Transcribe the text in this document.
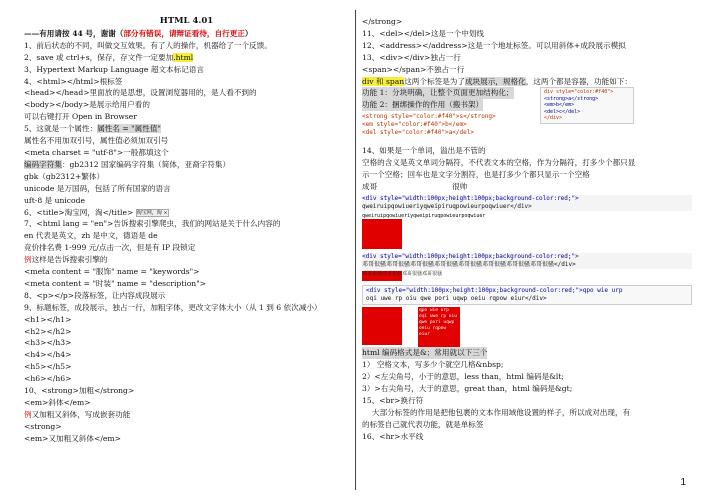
HTML 4.01
——有用请按 44 号，谢谢（部分有错误，请辩证看待，自行更正）
1、前后状态的不同，叫做交互效果。有了人的操作，机器给了一个反馈。
2、save 或 ctrl+s，保存，存文件一定要加.html
3、Hypertext Markup Language 超文本标记语言
4、<html></html>根标签
<head></head>里面放的是思想，设置浏览器用的，是人看不到的
<body></body>是展示给用户看的
可以右键打开 Open in Browser
5、这就是一个属性：属性名 = "属性值"
属性名不用加双引号，属性值必须加双引号
<meta charset = "utf-8">一般都填这个
编码字符集：gb2312 国家编码字符集（简体，亚裔字符集）
gbk（gb2312+繁体）
unicode 是万国码，包括了所有国家的语言
uft-8 是 unicode
6、<title>淘宝网，淘</title> 淘宝网，淘 ×
7、<html lang = "en">告诉搜索引擎爬虫，我们的网站是关于什么内容的
en 代表是英文，zh 是中文，德语是 de
竞价排名费 1-999 元/点击一次，但是有 IP 段锁定
例这样是告诉搜索引擎的
<meta content = "服饰" name = "keywords">
<meta content = "时装" name = "description">
8、<p></p>段落标签，让内容成段展示
9、标题标签，成段展示，独占一行，加粗字体，更改文字体大小（从 1 到 6 依次减小）
<h1></h1>
<h2></h2>
<h3></h3>
<h4></h4>
<h5></h5>
<h6></h6>
10、<strong>加粗</strong>
<em>斜体</em>
例又加粗又斜体，写成嵌套功能
<strong>
<em>又加粗又斜体</em>
</strong>
11、<del></del>这是一个中划线
12、<address></address>这是一个地址标签。可以用斜体+成段展示模拟
13、<div></div>独占一行
<span></span>不独占一行
div 和 span这两个标签是为了成块展示，规格化，这两个都是容器，功能如下：
功能 1：分块明确，让整个页面更加结构化；
功能 2：捆绑操作的作用（搬书架）
<strong style="color:#f40">s</strong>
<em style="color:#f40">b</em>
<del style="color:#f40">a</del>
div style="color:#f40">
<strong>a</strong>
<em>b</em>
<del>c</del>
</div>
14、如果是一个单词，溢出是不管的
空格的含义是英文单词分隔符，不代表文本的空格，作为分隔符，打多少个都只显
示一个空格；回车也是文字分割符，也是打多少个都只显示一个空格
成哥	很帅
<div style="width:100px;height:100px;background-color:red;">
qweiruipqowiueriyqweipiruqpowieurpoqwiuer</div>
qweiruipqowiueriyqweipiruqpowieurpoqwiuer
<div style="width:100px;height:100px;background-color:red;">
邓哥很骚邓哥很骚邓哥很骚邓哥很骚邓哥很骚邓哥很骚邓哥很骚邓哥很骚</div>
邓哥很骚邓哥很骚邓哥很骚邓哥很骚
<div style="width:100px;height:100px;background-color:red;">qpo wie urp
oqi uwe rp oiu qwe pori uqwp oeiu rqpow eiur</div>
qpo wie urp oqi uwe rp oiu qwe pori uqwp oeiu rqpow eiur
html 编码格式是&；常用就以下三个
1） 空格文本，写多少个就空几格&nbsp;
2）<左尖角号，小于的意思，less than，html 编码是&lt;
3）>右尖角号，大于的意思，great than，html 编码是&gt;
15、<br>换行符
大部分标签的作用是把他包裹的文本作用域他设置的样子，所以成对出现，有
的标签自己就代表功能，就是单标签
16、<hr>水平线
1
